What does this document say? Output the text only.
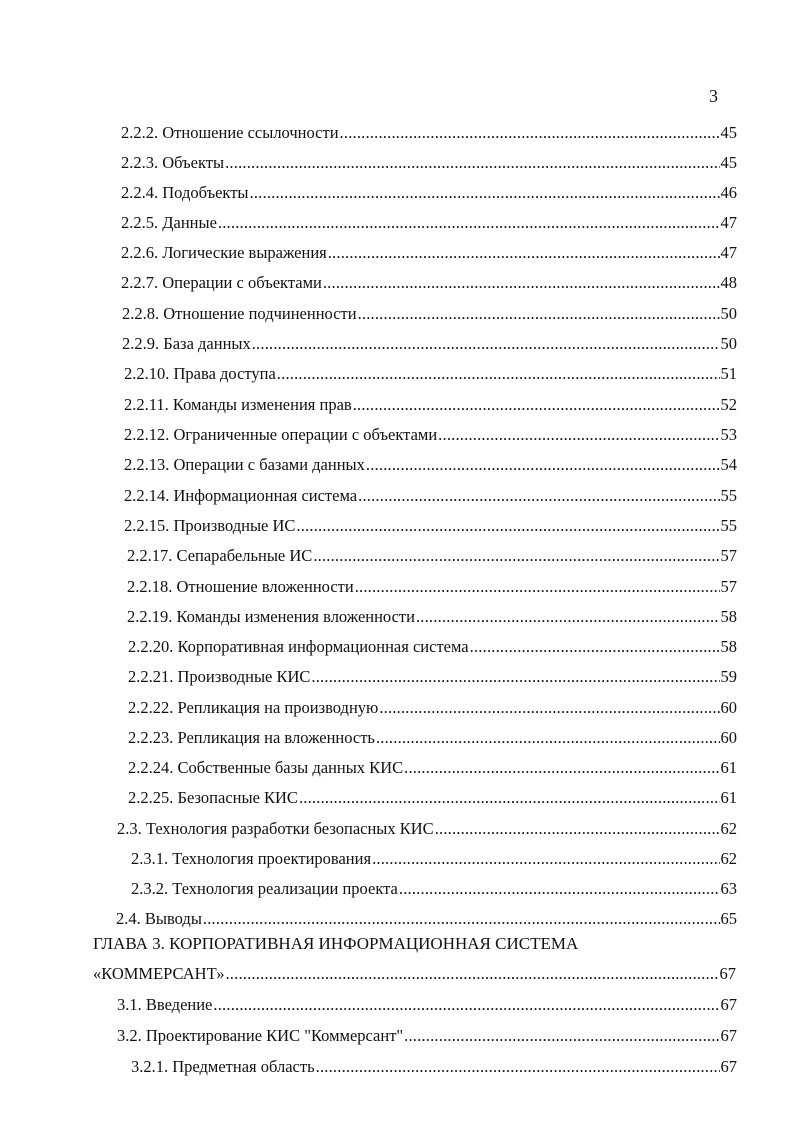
3
2.2.2. Отношение ссылочности .....	45
2.2.3. Объекты .....	45
2.2.4. Подобъекты .....	46
2.2.5. Данные .....	47
2.2.6. Логические выражения .....	47
2.2.7. Операции с объектами .....	48
2.2.8. Отношение подчиненности .....	50
2.2.9. База данных .....	50
2.2.10. Права доступа .....	51
2.2.11. Команды изменения прав .....	52
2.2.12. Ограниченные операции с объектами .....	53
2.2.13. Операции с базами данных .....	54
2.2.14. Информационная система .....	55
2.2.15. Производные ИС .....	55
2.2.17. Сепарабельные ИС .....	57
2.2.18. Отношение вложенности .....	57
2.2.19. Команды изменения вложенности .....	58
2.2.20. Корпоративная информационная система .....	58
2.2.21. Производные КИС .....	59
2.2.22. Репликация на производную .....	60
2.2.23. Репликация на вложенность .....	60
2.2.24. Собственные базы данных КИС .....	61
2.2.25. Безопасные КИС .....	61
2.3. Технология разработки безопасных КИС .....	62
2.3.1. Технология проектирования .....	62
2.3.2. Технология реализации проекта .....	63
2.4. Выводы .....	65
ГЛАВА 3. КОРПОРАТИВНАЯ ИНФОРМАЦИОННАЯ СИСТЕМА
«КОММЕРСАНТ» .....	67
3.1. Введение .....	67
3.2. Проектирование КИС "Коммерсант" .....	67
3.2.1. Предметная область .....	67
